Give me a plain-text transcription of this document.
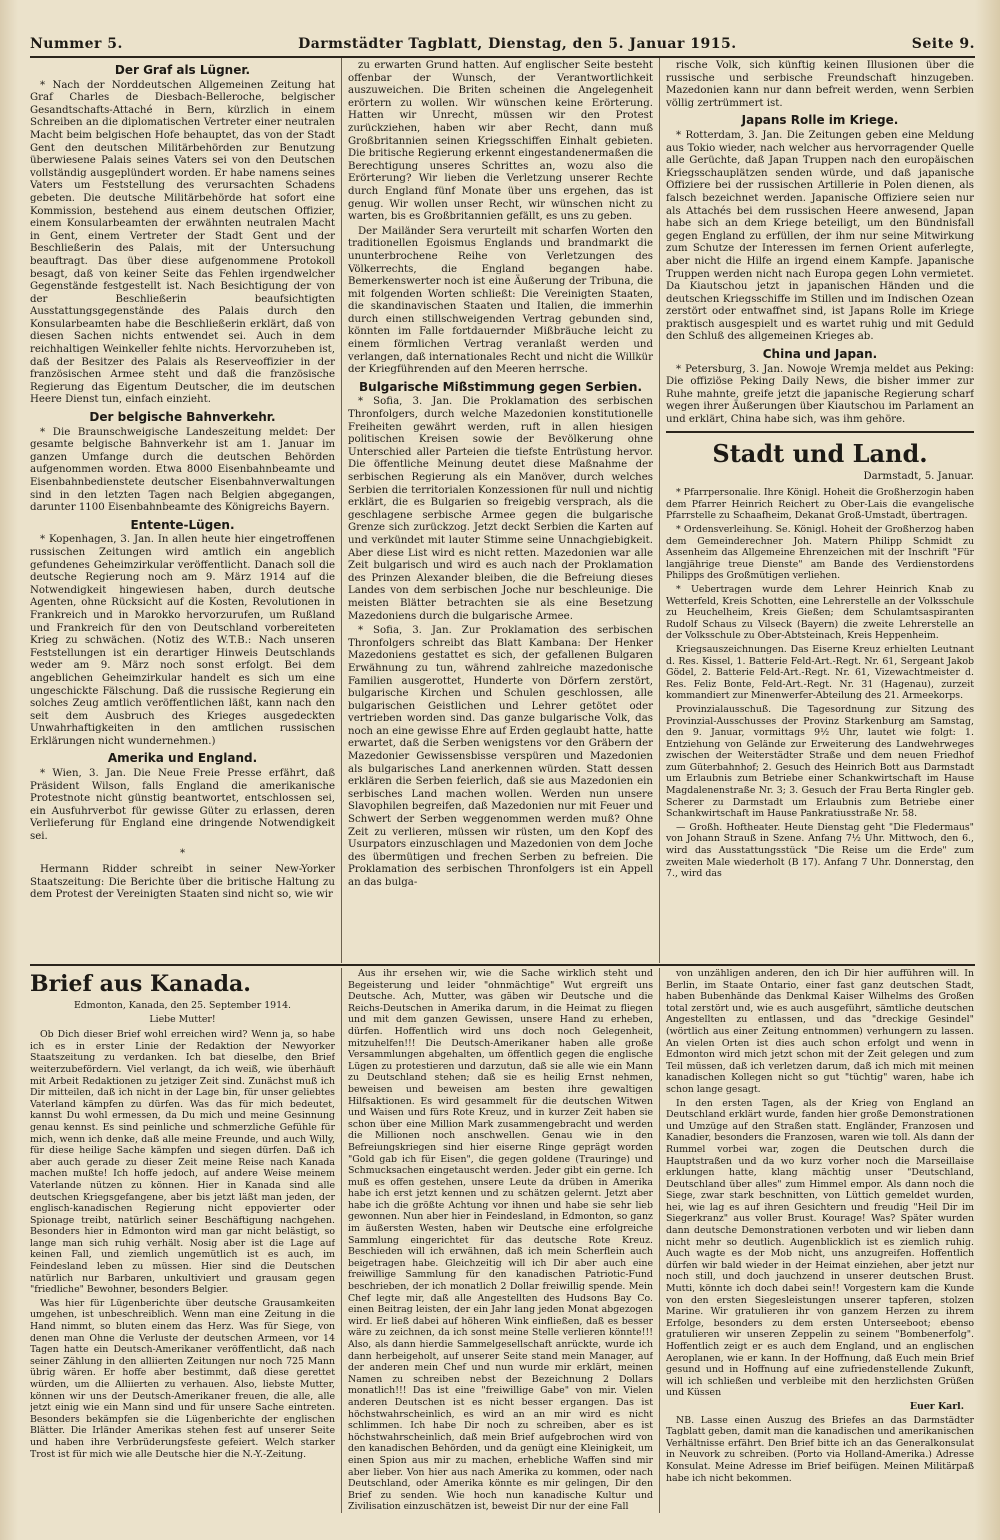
Nummer 5.	Darmstädter Tagblatt, Dienstag, den 5. Januar 1915.	Seite 9.
Der Graf als Lügner.

* Nach der Norddeutschen Allgemeinen Zeitung hat Graf Charles de Diesbach-Belleroche, belgischer Gesandtschafts-Attaché in Bern, kürzlich in einem Schreiben an die diplomatischen Vertreter einer neutralen Macht beim belgischen Hofe behauptet, das von der Stadt Gent den deutschen Militärbehörden zur Benutzung überwiesene Palais seines Vaters sei von den Deutschen vollständig ausgeplündert worden. Er habe namens seines Vaters um Feststellung des verursachten Schadens gebeten. Die deutsche Militärbehörde hat sofort eine Kommission, bestehend aus einem deutschen Offizier, einem Konsularbeamten der erwähnten neutralen Macht in Gent, einem Vertreter der Stadt Gent und der Beschließerin des Palais, mit der Untersuchung beauftragt. Das über diese aufgenommene Protokoll besagt, daß von keiner Seite das Fehlen irgendwelcher Gegenstände festgestellt ist. Nach Besichtigung der von der Beschließerin beaufsichtigten Ausstattungsgegenstände des Palais durch den Konsularbeamten habe die Beschließerin erklärt, daß von diesen Sachen nichts entwendet sei. Auch in dem reichhaltigen Weinkeller fehlte nichts. Hervorzuheben ist, daß der Besitzer des Palais als Reserveoffizier in der französischen Armee steht und daß die französische Regierung das Eigentum Deutscher, die im deutschen Heere Dienst tun, einfach einzieht.

Der belgische Bahnverkehr.

* Die Braunschweigische Landeszeitung meldet: Der gesamte belgische Bahnverkehr ist am 1. Januar im ganzen Umfange durch die deutschen Behörden aufgenommen worden. Etwa 8000 Eisenbahnbeamte und Eisenbahnbedienstete deutscher Eisenbahnverwaltungen sind in den letzten Tagen nach Belgien abgegangen, darunter 1100 Eisenbahnbeamte des Königreichs Bayern.

Entente-Lügen.

* Kopenhagen, 3. Jan. In allen heute hier eingetroffenen russischen Zeitungen wird amtlich ein angeblich gefundenes Geheimzirkular veröffentlicht. Danach soll die deutsche Regierung noch am 9. März 1914 auf die Notwendigkeit hingewiesen haben, durch deutsche Agenten, ohne Rücksicht auf die Kosten, Revolutionen in Frankreich und in Marokko hervorzurufen, um Rußland und Frankreich für den von Deutschland vorbereiteten Krieg zu schwächen. (Notiz des W.T.B.: Nach unseren Feststellungen ist ein derartiger Hinweis Deutschlands weder am 9. März noch sonst erfolgt. Bei dem angeblichen Geheimzirkular handelt es sich um eine ungeschickte Fälschung. Daß die russische Regierung ein solches Zeug amtlich veröffentlichen läßt, kann nach den seit dem Ausbruch des Krieges ausgedeckten Unwahrhaftigkeiten in den amtlichen russischen Erklärungen nicht wundernehmen.)

Amerika und England.

* Wien, 3. Jan. Die Neue Freie Presse erfährt, daß Präsident Wilson, falls England die amerikanische Protestnote nicht günstig beantwortet, entschlossen sei, ein Ausfuhrverbot für gewisse Güter zu erlassen, deren Verlieferung für England eine dringende Notwendigkeit sei.

*

Hermann Ridder schreibt in seiner New-Yorker Staatszeitung: Die Berichte über die britische Haltung zu dem Protest der Vereinigten Staaten sind nicht so, wie wir

zu erwarten Grund hatten. Auf englischer Seite besteht offenbar der Wunsch, der Verantwortlichkeit auszuweichen. Die Briten scheinen die Angelegenheit erörtern zu wollen. Wir wünschen keine Erörterung. Hatten wir Unrecht, müssen wir den Protest zurückziehen, haben wir aber Recht, dann muß Großbritannien seinen Kriegsschiffen Einhalt gebieten. Die britische Regierung erkennt eingestandenermaßen die Berechtigung unseres Schrittes an, wozu also die Erörterung? Wir lieben die Verletzung unserer Rechte durch England fünf Monate über uns ergehen, das ist genug. Wir wollen unser Recht, wir wünschen nicht zu warten, bis es Großbritannien gefällt, es uns zu geben.

Der Mailänder Sera verurteilt mit scharfen Worten den traditionellen Egoismus Englands und brandmarkt die ununterbrochene Reihe von Verletzungen des Völkerrechts, die England begangen habe. Bemerkenswerter noch ist eine Äußerung der Tribuna, die mit folgenden Worten schließt: Die Vereinigten Staaten, die skandinavischen Staaten und Italien, die immerhin durch einen stillschweigenden Vertrag gebunden sind, könnten im Falle fortdauernder Mißbräuche leicht zu einem förmlichen Vertrag veranlaßt werden und verlangen, daß internationales Recht und nicht die Willkür der Kriegführenden auf den Meeren herrsche.

Bulgarische Mißstimmung gegen Serbien.

* Sofia, 3. Jan. Die Proklamation des serbischen Thronfolgers, durch welche Mazedonien konstitutionelle Freiheiten gewährt werden, ruft in allen hiesigen politischen Kreisen sowie der Bevölkerung ohne Unterschied aller Parteien die tiefste Entrüstung hervor. Die öffentliche Meinung deutet diese Maßnahme der serbischen Regierung als ein Manöver, durch welches Serbien die territorialen Konzessionen für null und nichtig erklärt, die es Bulgarien so freigebig versprach, als die geschlagene serbische Armee gegen die bulgarische Grenze sich zurückzog. Jetzt deckt Serbien die Karten auf und verkündet mit lauter Stimme seine Unnachgiebigkeit. Aber diese List wird es nicht retten. Mazedonien war alle Zeit bulgarisch und wird es auch nach der Proklamation des Prinzen Alexander bleiben, die die Befreiung dieses Landes von dem serbischen Joche nur beschleunige. Die meisten Blätter betrachten sie als eine Besetzung Mazedoniens durch die bulgarische Armee.

* Sofia, 3. Jan. Zur Proklamation des serbischen Thronfolgers schreibt das Blatt Kambana: Der Henker Mazedoniens gestattet es sich, der gefallenen Bulgaren Erwähnung zu tun, während zahlreiche mazedonische Familien ausgerottet, Hunderte von Dörfern zerstört, bulgarische Kirchen und Schulen geschlossen, alle bulgarischen Geistlichen und Lehrer getötet oder vertrieben worden sind. Das ganze bulgarische Volk, das noch an eine gewisse Ehre auf Erden geglaubt hatte, hatte erwartet, daß die Serben wenigstens vor den Gräbern der Mazedonier Gewissensbisse verspüren und Mazedonien als bulgarisches Land anerkennen würden. Statt dessen erklären die Serben feierlich, daß sie aus Mazedonien ein serbisches Land machen wollen. Werden nun unsere Slavophilen begreifen, daß Mazedonien nur mit Feuer und Schwert der Serben weggenommen werden muß? Ohne Zeit zu verlieren, müssen wir rüsten, um den Kopf des Usurpators einzuschlagen und Mazedonien von dem Joche des übermütigen und frechen Serben zu befreien. Die Proklamation des serbischen Thronfolgers ist ein Appell an das bulga-

rische Volk, sich künftig keinen Illusionen über die russische und serbische Freundschaft hinzugeben. Mazedonien kann nur dann befreit werden, wenn Serbien völlig zertrümmert ist.

Japans Rolle im Kriege.

* Rotterdam, 3. Jan. Die Zeitungen geben eine Meldung aus Tokio wieder, nach welcher aus hervorragender Quelle alle Gerüchte, daß Japan Truppen nach den europäischen Kriegsschauplätzen senden würde, und daß japanische Offiziere bei der russischen Artillerie in Polen dienen, als falsch bezeichnet werden. Japanische Offiziere seien nur als Attachés bei dem russischen Heere anwesend, Japan habe sich an dem Kriege beteiligt, um den Bündnisfall gegen England zu erfüllen, der ihm nur seine Mitwirkung zum Schutze der Interessen im fernen Orient auferlegte, aber nicht die Hilfe an irgend einem Kampfe. Japanische Truppen werden nicht nach Europa gegen Lohn vermietet. Da Kiautschou jetzt in japanischen Händen und die deutschen Kriegsschiffe im Stillen und im Indischen Ozean zerstört oder entwaffnet sind, ist Japans Rolle im Kriege praktisch ausgespielt und es wartet ruhig und mit Geduld den Schluß des allgemeinen Krieges ab.

China und Japan.

* Petersburg, 3. Jan. Nowoje Wremja meldet aus Peking: Die offiziöse Peking Daily News, die bisher immer zur Ruhe mahnte, greife jetzt die japanische Regierung scharf wegen ihrer Äußerungen über Kiautschou im Parlament an und erklärt, China habe sich, was ihm gehöre.

Stadt und Land.
Darmstadt, 5. Januar.

* Pfarrpersonalie. Ihre Königl. Hoheit die Großherzogin haben dem Pfarrer Heinrich Reichert zu Ober-Lais die evangelische Pfarrstelle zu Schaafheim, Dekanat Groß-Umstadt, übertragen.

* Ordensverleihung. Se. Königl. Hoheit der Großherzog haben dem Gemeinderechner Joh. Matern Philipp Schmidt zu Assenheim das Allgemeine Ehrenzeichen mit der Inschrift "Für langjährige treue Dienste" am Bande des Verdienstordens Philipps des Großmütigen verliehen.

* Uebertragen wurde dem Lehrer Heinrich Knab zu Wetterfeld, Kreis Schotten, eine Lehrerstelle an der Volksschule zu Heuchelheim, Kreis Gießen; dem Schulamtsaspiranten Rudolf Schaus zu Vilseck (Bayern) die zweite Lehrerstelle an der Volksschule zu Ober-Abtsteinach, Kreis Heppenheim.

Kriegsauszeichnungen. Das Eiserne Kreuz erhielten Leutnant d. Res. Kissel, 1. Batterie Feld-Art.-Regt. Nr. 61, Sergeant Jakob Gödel, 2. Batterie Feld-Art.-Regt. Nr. 61, Vizewachtmeister d. Res. Feliz Bonte, Feld-Art.-Regt. Nr. 31 (Hagenau), zurzeit kommandiert zur Minenwerfer-Abteilung des 21. Armeekorps.

Provinzialausschuß. Die Tagesordnung zur Sitzung des Provinzial-Ausschusses der Provinz Starkenburg am Samstag, den 9. Januar, vormittags 9½ Uhr, lautet wie folgt: 1. Entziehung von Gelände zur Erweiterung des Landwehrweges zwischen der Weiterstädter Straße und dem neuen Friedhof zum Güterbahnhof; 2. Gesuch des Heinrich Bott aus Darmstadt um Erlaubnis zum Betriebe einer Schankwirtschaft im Hause Magdalenenstraße Nr. 3; 3. Gesuch der Frau Berta Ringler geb. Scherer zu Darmstadt um Erlaubnis zum Betriebe einer Schankwirtschaft im Hause Pankratiusstraße Nr. 58.

— Großh. Hoftheater. Heute Dienstag geht "Die Fledermaus" von Johann Strauß in Szene. Anfang 7½ Uhr. Mittwoch, den 6., wird das Ausstattungsstück "Die Reise um die Erde" zum zweiten Male wiederholt (B 17). Anfang 7 Uhr. Donnerstag, den 7., wird das

Brief aus Kanada.
Edmonton, Kanada, den 25. September 1914.
Liebe Mutter!

Ob Dich dieser Brief wohl erreichen wird? Wenn ja, so habe ich es in erster Linie der Redaktion der Newyorker Staatszeitung zu verdanken. Ich bat dieselbe, den Brief weiterzubefördern. Viel verlangt, da ich weiß, wie überhäuft mit Arbeit Redaktionen zu jetziger Zeit sind. Zunächst muß ich Dir mitteilen, daß ich nicht in der Lage bin, für unser geliebtes Vaterland kämpfen zu dürfen. Was das für mich bedeutet, kannst Du wohl ermessen, da Du mich und meine Gesinnung genau kennst. Es sind peinliche und schmerzliche Gefühle für mich, wenn ich denke, daß alle meine Freunde, und auch Willy, für diese heilige Sache kämpfen und siegen dürfen. Daß ich aber auch gerade zu dieser Zeit meine Reise nach Kanada machen mußte! Ich hoffe jedoch, auf andere Weise meinem Vaterlande nützen zu können. Hier in Kanada sind alle deutschen Kriegsgefangene, aber bis jetzt läßt man jeden, der englisch-kanadischen Regierung nicht eppovierter oder Spionage treibt, natürlich seiner Beschäftigung nachgehen. Besonders hier in Edmonton wird man gar nicht belästigt, so lange man sich ruhig verhält. Nosig aber ist die Lage auf keinen Fall, und ziemlich ungemütlich ist es auch, im Feindesland leben zu müssen. Hier sind die Deutschen natürlich nur Barbaren, unkultiviert und grausam gegen "friedliche" Bewohner, besonders Belgier.

Was hier für Lügenberichte über deutsche Grausamkeiten umgehen, ist unbeschreiblich. Wenn man eine Zeitung in die Hand nimmt, so bluten einem das Herz. Was für Siege, von denen man Ohne die Verluste der deutschen Armeen, vor 14 Tagen hatte ein Deutsch-Amerikaner veröffentlicht, daß nach seiner Zählung in den alliierten Zeitungen nur noch 725 Mann übrig wären. Er hoffe aber bestimmt, daß diese gerettet würden, um die Alliierten zu verhauen. Also, liebste Mutter, können wir uns der Deutsch-Amerikaner freuen, die alle, alle jetzt einig wie ein Mann sind und für unsere Sache eintreten. Besonders bekämpfen sie die Lügenberichte der englischen Blätter. Die Irländer Amerikas stehen fest auf unserer Seite und haben ihre Verbrüderungsfeste gefeiert. Welch starker Trost ist für mich wie alle Deutsche hier die N.-Y.-Zeitung.

Aus ihr ersehen wir, wie die Sache wirklich steht und Begeisterung und leider "ohnmächtige" Wut ergreift uns Deutsche. Ach, Mutter, was gäben wir Deutsche und die Reichs-Deutschen in Amerika darum, in die Heimat zu fliegen und mit dem ganzen Gewissen, unsere Hand zu erheben, dürfen. Hoffentlich wird uns doch noch Gelegenheit, mitzuhelfen!!! Die Deutsch-Amerikaner haben alle große Versammlungen abgehalten, um öffentlich gegen die englische Lügen zu protestieren und darzutun, daß sie alle wie ein Mann zu Deutschland stehen; daß sie es heilig Ernst nehmen, beweisen und beweisen am besten ihre gewaltigen Hilfsaktionen. Es wird gesammelt für die deutschen Witwen und Waisen und fürs Rote Kreuz, und in kurzer Zeit haben sie schon über eine Million Mark zusammengebracht und werden die Millionen noch anschwellen. Genau wie in den Befreiungskriegen sind hier eiserne Ringe geprägt worden "Gold gab ich für Eisen", die gegen goldene (Trauringe) und Schmucksachen eingetauscht werden. Jeder gibt ein gerne. Ich muß es offen gestehen, unsere Leute da drüben in Amerika habe ich erst jetzt kennen und zu schätzen gelernt. Jetzt aber habe ich die größte Achtung vor ihnen und habe sie sehr lieb gewonnen. Nun aber hier in Feindesland, in Edmonton, so ganz im äußersten Westen, haben wir Deutsche eine erfolgreiche Sammlung eingerichtet für das deutsche Rote Kreuz. Beschieden will ich erwähnen, daß ich mein Scherflein auch beigetragen habe. Gleichzeitig will ich Dir aber auch eine freiwillige Sammlung für den kanadischen Patriotic-Fund beschrieben, der ich monatlich 2 Dollar freiwillig spende. Mein Chef legte mir, daß alle Angestellten des Hudsons Bay Co. einen Beitrag leisten, der ein Jahr lang jeden Monat abgezogen wird. Er ließ dabei auf höheren Wink einfließen, daß es besser wäre zu zeichnen, da ich sonst meine Stelle verlieren könnte!!! Also, als dann hierdie Sammelgesellschaft anrückte, wurde ich dann herbeigeholt, auf unserer Seite stand mein Manager, auf der anderen mein Chef und nun wurde mir erklärt, meinen Namen zu schreiben nebst der Bezeichnung 2 Dollars monatlich!!! Das ist eine "freiwillige Gabe" von mir. Vielen anderen Deutschen ist es nicht besser ergangen. Das ist höchstwahrscheinlich, es wird an an mir wird es nicht schlimmen. Ich habe Dir noch zu schreiben, aber es ist höchstwahrscheinlich, daß mein Brief aufgebrochen wird von den kanadischen Behörden, und da genügt eine Kleinigkeit, um einen Spion aus mir zu machen, erhebliche Waffen sind mir aber lieber. Von hier aus nach Amerika zu kommen, oder nach Deutschland, oder Amerika könnte es mir gelingen, Dir den Brief zu senden. Wie hoch nun kanadische Kultur und Zivilisation einzuschätzen ist, beweist Dir nur der eine Fall

von unzähligen anderen, den ich Dir hier aufführen will. In Berlin, im Staate Ontario, einer fast ganz deutschen Stadt, haben Bubenhände das Denkmal Kaiser Wilhelms des Großen total zerstört und, wie es auch ausgeführt, sämtliche deutschen Angestellten zu entlassen, und das "dreckige Gesindel" (wörtlich aus einer Zeitung entnommen) verhungern zu lassen. An vielen Orten ist dies auch schon erfolgt und wenn in Edmonton wird mich jetzt schon mit der Zeit gelegen und zum Teil müssen, daß ich verletzen darum, daß ich mich mit meinen kanadischen Kollegen nicht so gut "tüchtig" waren, habe ich schon lange gesagt.

In den ersten Tagen, als der Krieg von England an Deutschland erklärt wurde, fanden hier große Demonstrationen und Umzüge auf den Straßen statt. Engländer, Franzosen und Kanadier, besonders die Franzosen, waren wie toll. Als dann der Rummel vorbei war, zogen die Deutschen durch die Hauptstraßen und da wo kurz vorher noch die Marseillaise erklungen hatte, klang mächtig unser "Deutschland, Deutschland über alles" zum Himmel empor. Als dann noch die Siege, zwar stark beschnitten, von Lüttich gemeldet wurden, hei, wie lag es auf ihren Gesichtern und freudig "Heil Dir im Siegerkranz" aus voller Brust. Kourage! Was? Später wurden dann deutsche Demonstrationen verboten und wir lieben dann nicht mehr so deutlich. Augenblicklich ist es ziemlich ruhig. Auch wagte es der Mob nicht, uns anzugreifen. Hoffentlich dürfen wir bald wieder in der Heimat einziehen, aber jetzt nur noch still, und doch jauchzend in unserer deutschen Brust. Mutti, könnte ich doch dabei sein!! Vorgestern kam die Kunde von den ersten Siegesleistungen unserer tapferen, stolzen Marine. Wir gratulieren ihr von ganzem Herzen zu ihrem Erfolge, besonders zu dem ersten Unterseeboot; ebenso gratulieren wir unseren Zeppelin zu seinem "Bombenerfolg". Hoffentlich zeigt er es auch dem England, und an englischen Aeroplanen, wie er kann. In der Hoffnung, daß Euch mein Brief gesund und in Hoffnung auf eine zufriedenstellende Zukunft, will ich schließen und verbleibe mit den herzlichsten Grüßen und Küssen

Euer Karl.

NB. Lasse einen Auszug des Briefes an das Darmstädter Tagblatt geben, damit man die kanadischen und amerikanischen Verhältnisse erfährt. Den Brief bitte ich an das Generalkonsulat in Neuvork zu schreiben. (Porto via Holland-Amerika.) Adresse Konsulat. Meine Adresse im Brief beifügen. Meinen Militärpaß habe ich nicht bekommen.
